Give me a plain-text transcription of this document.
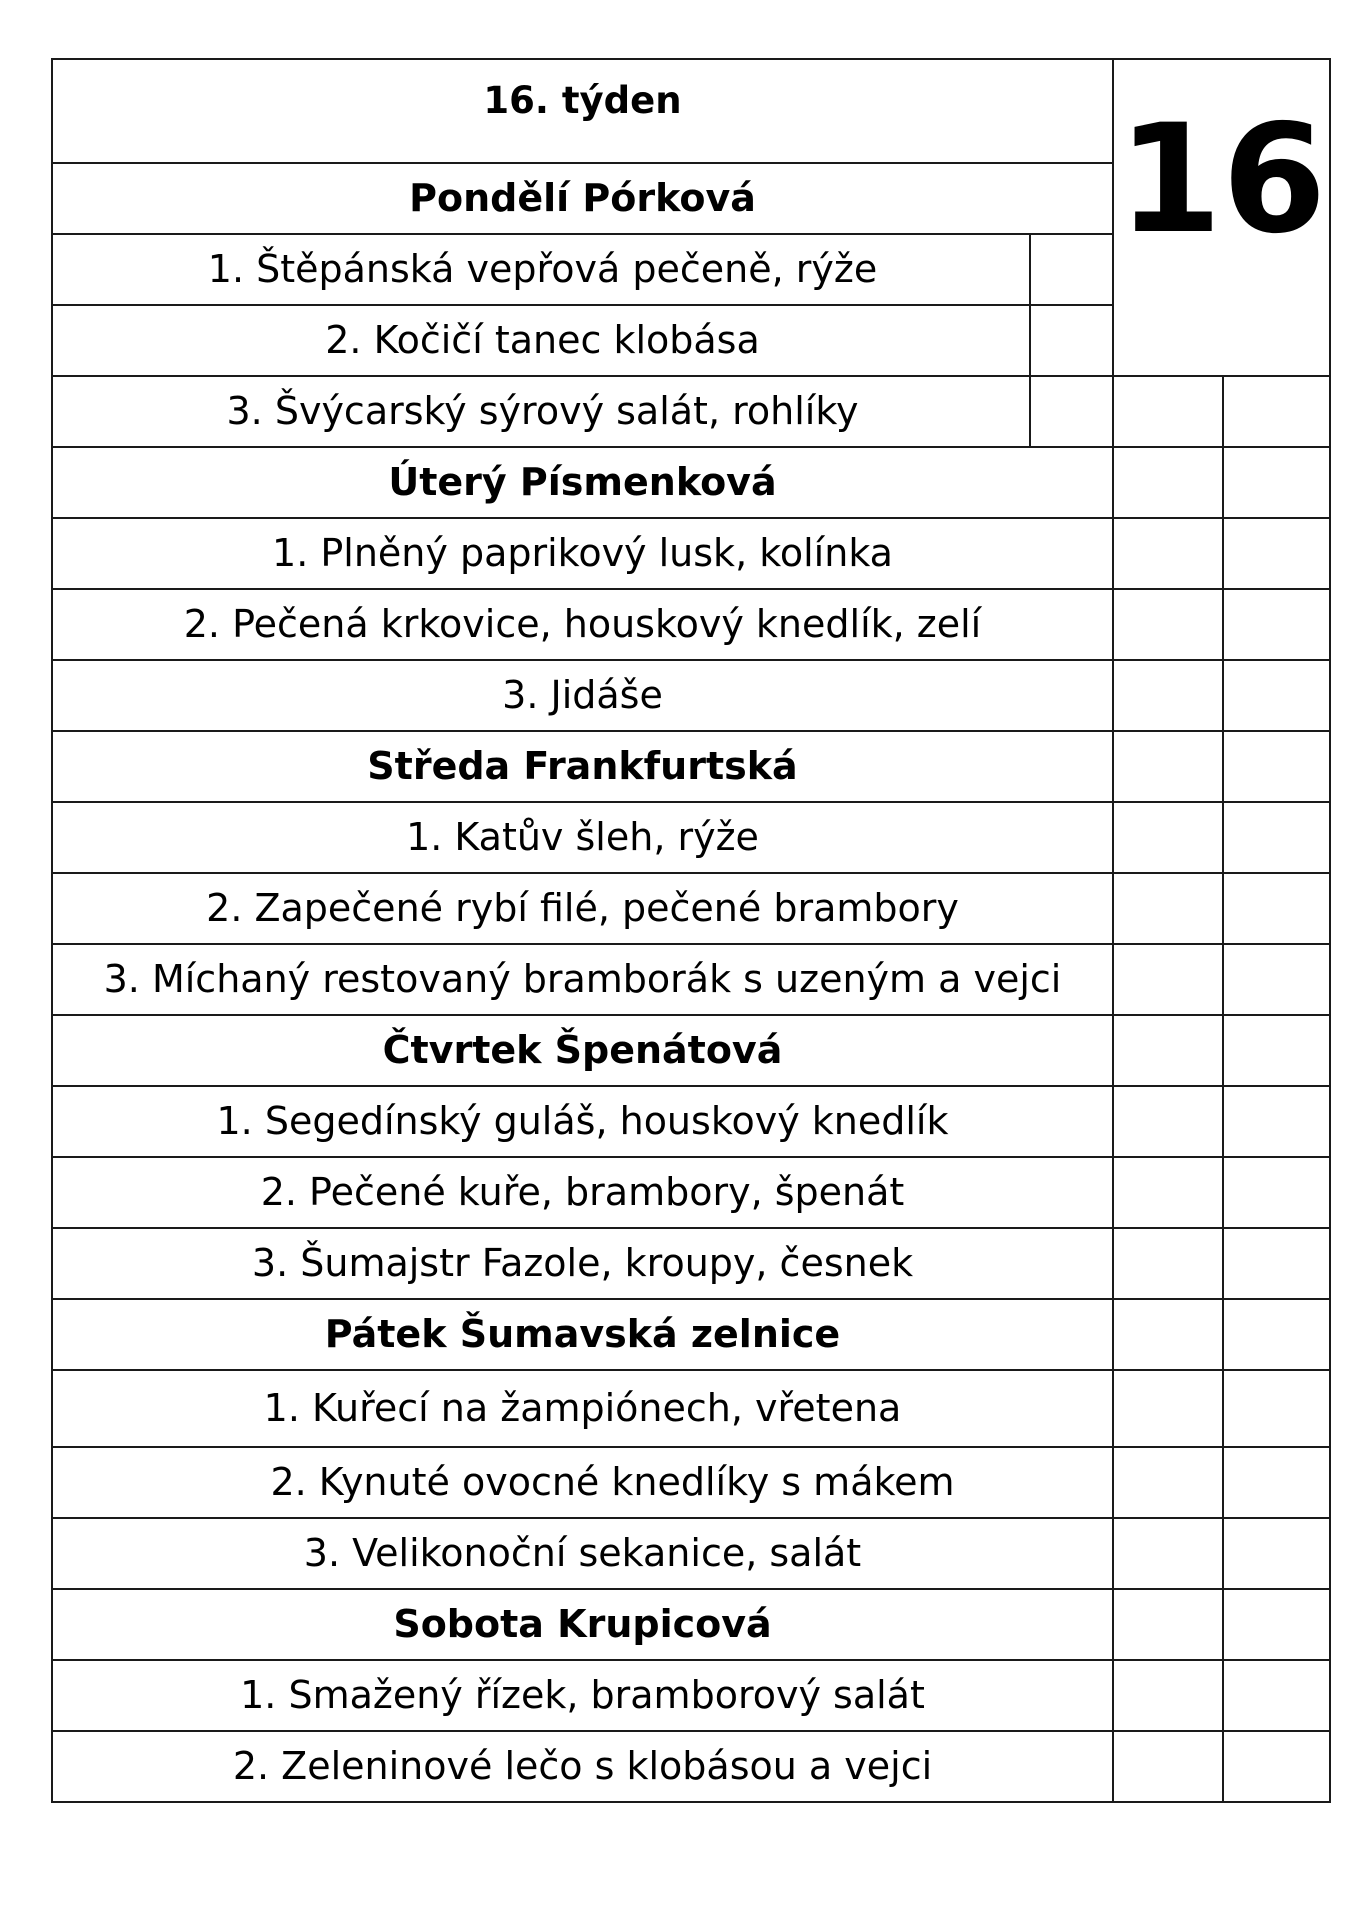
16. týden
Pondělí Pórková
1. Štěpánská vepřová pečeně, rýže
2. Kočičí tanec klobása
3. Švýcarský sýrový salát, rohlíky
Úterý Písmenková
1. Plněný paprikový lusk, kolínka
2. Pečená krkovice, houskový knedlík, zelí
3. Jidáše
Středa Frankfurtská
1. Katův šleh, rýže
2. Zapečené rybí filé, pečené brambory
3. Míchaný restovaný bramborák s uzeným a vejci
Čtvrtek Špenátová
1. Segedínský guláš, houskový knedlík
2. Pečené kuře, brambory, špenát
3. Šumajstr Fazole, kroupy, česnek
Pátek Šumavská zelnice
1. Kuřecí na žampiónech, vřetena
2. Kynuté ovocné knedlíky s mákem
3. Velikonoční sekanice, salát
Sobota Krupicová
1. Smažený řízek, bramborový salát
2. Zeleninové lečo s klobásou a vejci
16
